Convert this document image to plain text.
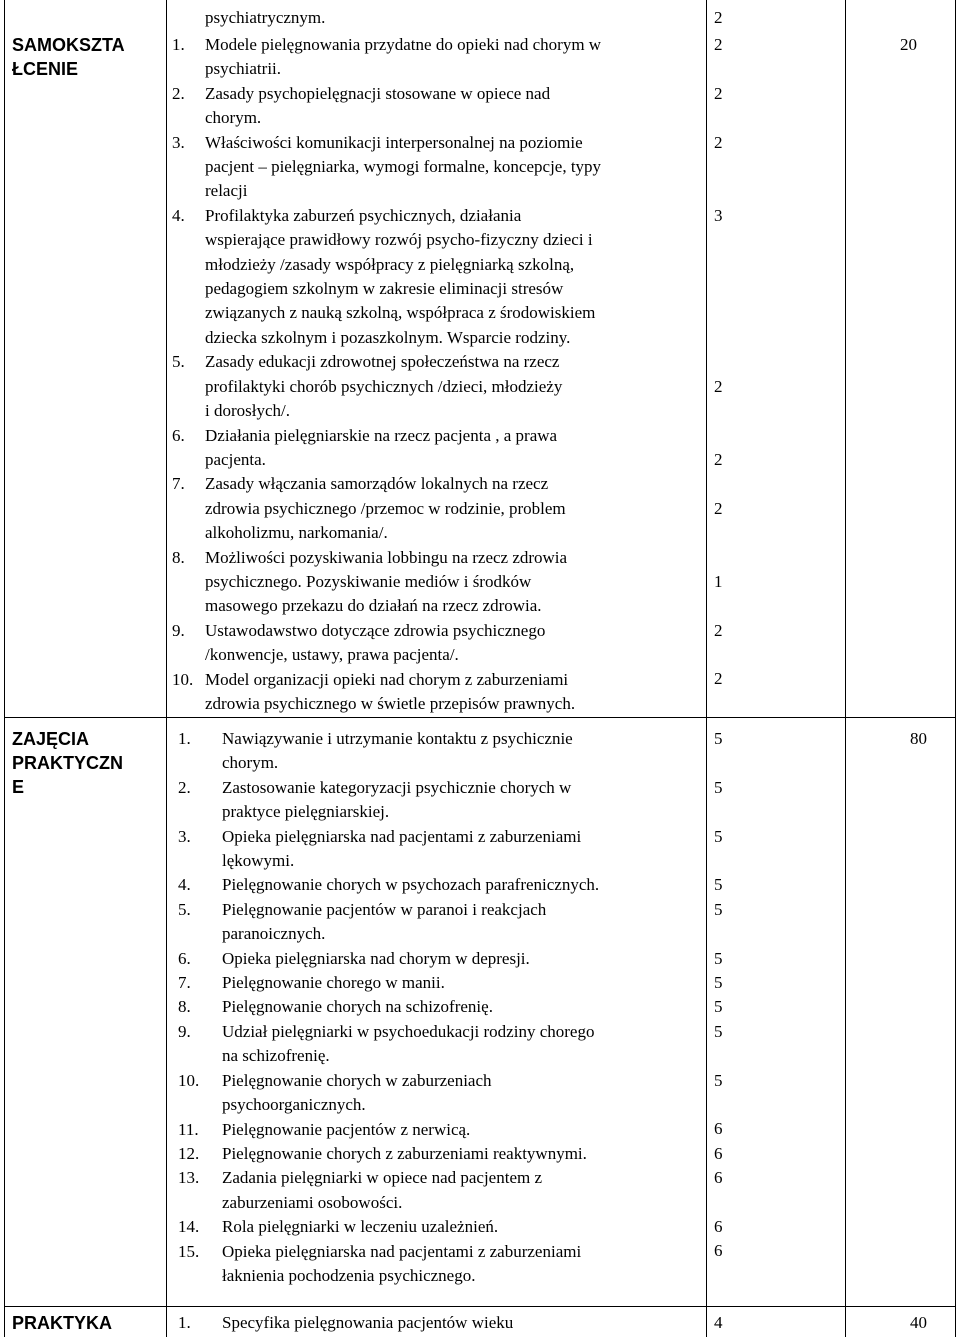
psychiatrycznym.	2
SAMOKSZTA
ŁCENIE
20
1. Modele pielęgnowania przydatne do opieki nad chorym w
psychiatrii.
2. Zasady psychopielęgnacji stosowane w opiece nad
chorym.
3. Właściwości komunikacji interpersonalnej na poziomie
pacjent – pielęgniarka, wymogi formalne, koncepcje, typy
relacji
4. Profilaktyka zaburzeń psychicznych, działania
wspierające prawidłowy rozwój psycho-fizyczny dzieci i
młodzieży /zasady współpracy z pielęgniarką szkolną,
pedagogiem szkolnym w zakresie eliminacji stresów
związanych z nauką szkolną, współpraca z środowiskiem
dziecka szkolnym i pozaszkolnym. Wsparcie rodziny.
5. Zasady edukacji zdrowotnej społeczeństwa na rzecz
profilaktyki chorób psychicznych /dzieci, młodzieży
i dorosłych/.
6. Działania pielęgniarskie na rzecz pacjenta , a prawa
pacjenta.
7. Zasady włączania samorządów lokalnych na rzecz
zdrowia psychicznego /przemoc w rodzinie, problem
alkoholizmu, narkomania/.
8. Możliwości pozyskiwania lobbingu na rzecz zdrowia
psychicznego. Pozyskiwanie mediów i środków
masowego przekazu do działań na rzecz zdrowia.
9. Ustawodawstwo dotyczące zdrowia psychicznego
/konwencje, ustawy, prawa pacjenta/.
10. Model organizacji opieki nad chorym z zaburzeniami
zdrowia psychicznego w świetle przepisów prawnych.
ZAJĘCIA
PRAKTYCZN
E
80
1. Nawiązywanie i utrzymanie kontaktu z psychicznie
chorym.
2. Zastosowanie kategoryzacji psychicznie chorych w
praktyce pielęgniarskiej.
3. Opieka pielęgniarska nad pacjentami z zaburzeniami
lękowymi.
4. Pielęgnowanie chorych w psychozach parafrenicznych.
5. Pielęgnowanie pacjentów w paranoi i reakcjach
paranoicznych.
6. Opieka pielęgniarska nad chorym w depresji.
7. Pielęgnowanie chorego w manii.
8. Pielęgnowanie chorych na schizofrenię.
9. Udział pielęgniarki w psychoedukacji rodziny chorego
na schizofrenię.
10. Pielęgnowanie chorych w zaburzeniach
psychoorganicznych.
11. Pielęgnowanie pacjentów z nerwicą.
12. Pielęgnowanie chorych z zaburzeniami reaktywnymi.
13. Zadania pielęgniarki w opiece nad pacjentem z
zaburzeniami osobowości.
14. Rola pielęgniarki w leczeniu uzależnień.
15. Opieka pielęgniarska nad pacjentami z zaburzeniami
łaknienia pochodzenia psychicznego.
PRAKTYKA	40
1. Specyfika pielęgnowania pacjentów wieku
2
2
2
3
2
2
2
1
2
2
5
5
5
5
5
5
5
5
5
5
6
6
6
6
6
4
